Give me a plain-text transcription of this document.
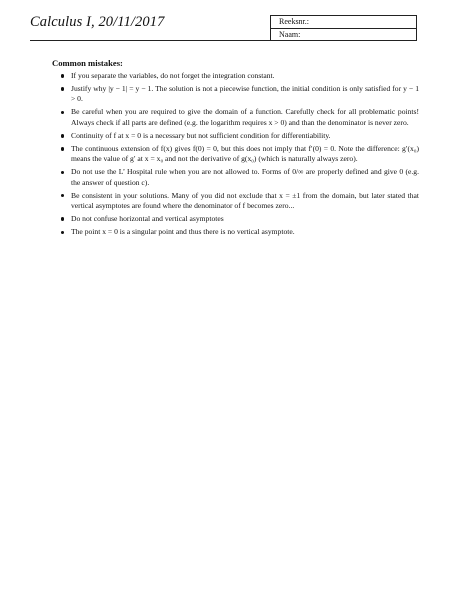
Calculus I, 20/11/2017	Reeksnr.:
Naam:
Common mistakes:
If you separate the variables, do not forget the integration constant.
Justify why |y − 1| = y − 1. The solution is not a piecewise function, the initial condition is only satisfied for y − 1 > 0.
Be careful when you are required to give the domain of a function. Carefully check for all problematic points! Always check if all parts are defined (e.g. the logarithm requires x > 0) and than the denominator is never zero.
Continuity of f at x = 0 is a necessary but not sufficient condition for differentiability.
The continuous extension of f(x) gives f(0) = 0, but this does not imply that f′(0) = 0. Note the difference: g′(x₀) means the value of g′ at x = x₀ and not the derivative of g(x₀) (which is naturally always zero).
Do not use the L’ Hospital rule when you are not allowed to. Forms of 0/∞ are properly defined and give 0 (e.g. the answer of question c).
Be consistent in your solutions. Many of you did not exclude that x = ±1 from the domain, but later stated that vertical asymptotes are found where the denominator of f becomes zero...
Do not confuse horizontal and vertical asymptotes
The point x = 0 is a singular point and thus there is no vertical asymptote.
